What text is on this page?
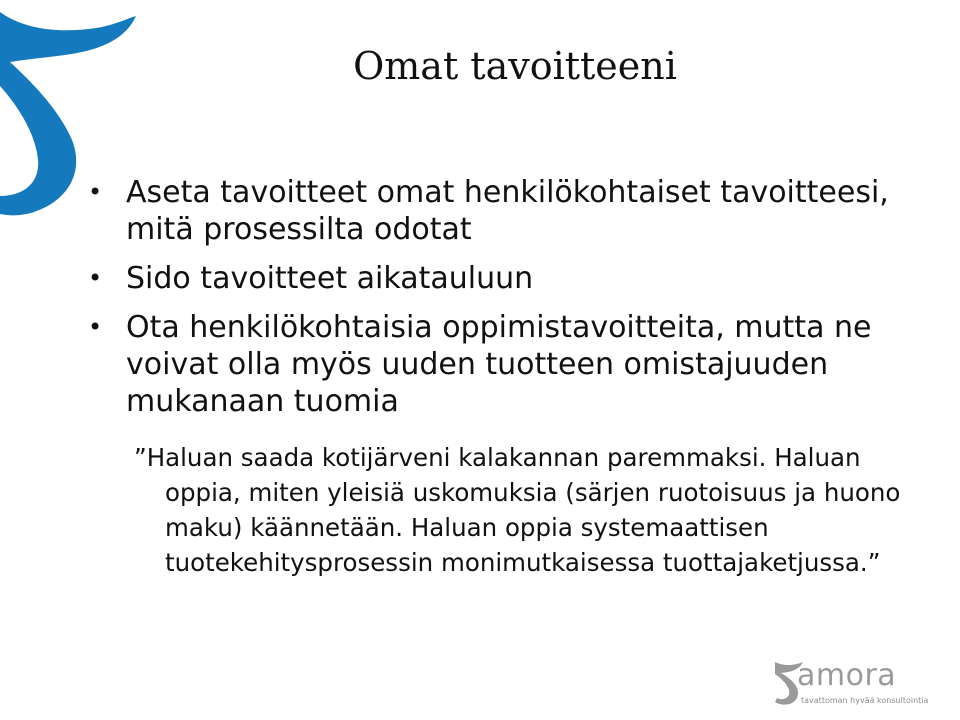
Omat tavoitteeni
• Aseta tavoitteet omat henkilökohtaiset tavoitteesi, mitä prosessilta odotat
• Sido tavoitteet aikatauluun
• Ota henkilökohtaisia oppimistavoitteita, mutta ne voivat olla myös uuden tuotteen omistajuuden mukanaan tuomia

”Haluan saada kotijärveni kalakannan paremmaksi. Haluan oppia, miten yleisiä uskomuksia (särjen ruotoisuus ja huono maku) käännetään. Haluan oppia systemaattisen tuotekehitysprosessin monimutkaisessa tuottajaketjussa.”

amora
tavattoman hyvää konsultointia
